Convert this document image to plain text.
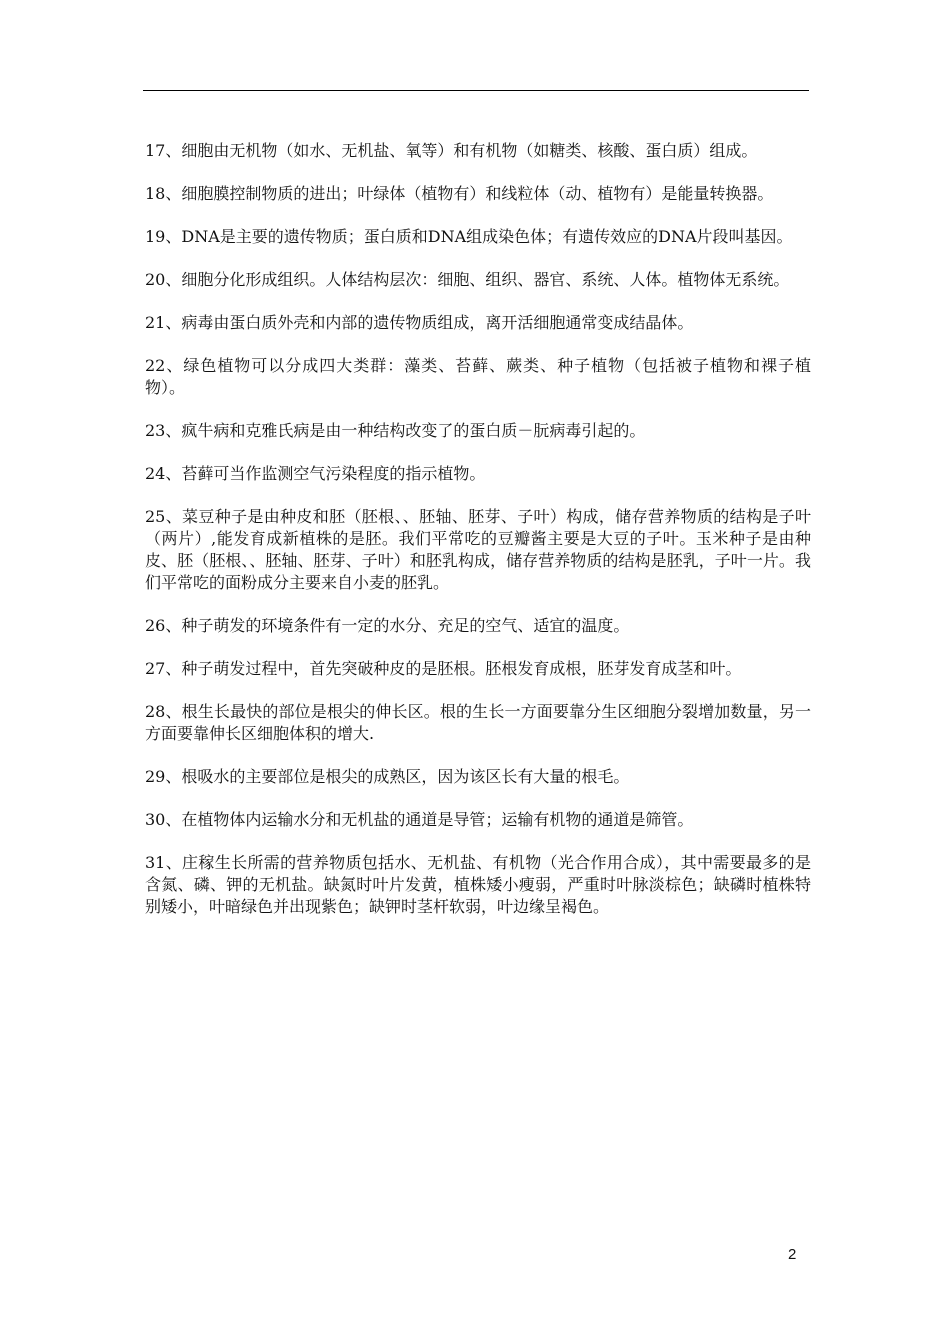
17、细胞由无机物（如水、无机盐、氧等）和有机物（如糖类、核酸、蛋白质）组成。

18、细胞膜控制物质的进出；叶绿体（植物有）和线粒体（动、植物有）是能量转换器。

19、DNA是主要的遗传物质；蛋白质和DNA组成染色体；有遗传效应的DNA片段叫基因。

20、细胞分化形成组织。人体结构层次：细胞、组织、器官、系统、人体。植物体无系统。

21、病毒由蛋白质外壳和内部的遗传物质组成，离开活细胞通常变成结晶体。

22、绿色植物可以分成四大类群：藻类、苔藓、蕨类、种子植物（包括被子植物和裸子植物）。

23、疯牛病和克雅氏病是由一种结构改变了的蛋白质－朊病毒引起的。

24、苔藓可当作监测空气污染程度的指示植物。

25、菜豆种子是由种皮和胚（胚根、、胚轴、胚芽、子叶）构成，储存营养物质的结构是子叶（两片）,能发育成新植株的是胚。我们平常吃的豆瓣酱主要是大豆的子叶。玉米种子是由种皮、胚（胚根、、胚轴、胚芽、子叶）和胚乳构成，储存营养物质的结构是胚乳，子叶一片。我们平常吃的面粉成分主要来自小麦的胚乳。

26、种子萌发的环境条件有一定的水分、充足的空气、适宜的温度。

27、种子萌发过程中，首先突破种皮的是胚根。胚根发育成根，胚芽发育成茎和叶。

28、根生长最快的部位是根尖的伸长区。根的生长一方面要靠分生区细胞分裂增加数量，另一方面要靠伸长区细胞体积的增大.

29、根吸水的主要部位是根尖的成熟区，因为该区长有大量的根毛。

30、在植物体内运输水分和无机盐的通道是导管；运输有机物的通道是筛管。

31、庄稼生长所需的营养物质包括水、无机盐、有机物（光合作用合成），其中需要最多的是含氮、磷、钾的无机盐。缺氮时叶片发黄，植株矮小瘦弱，严重时叶脉淡棕色；缺磷时植株特别矮小，叶暗绿色并出现紫色；缺钾时茎杆软弱，叶边缘呈褐色。

2
